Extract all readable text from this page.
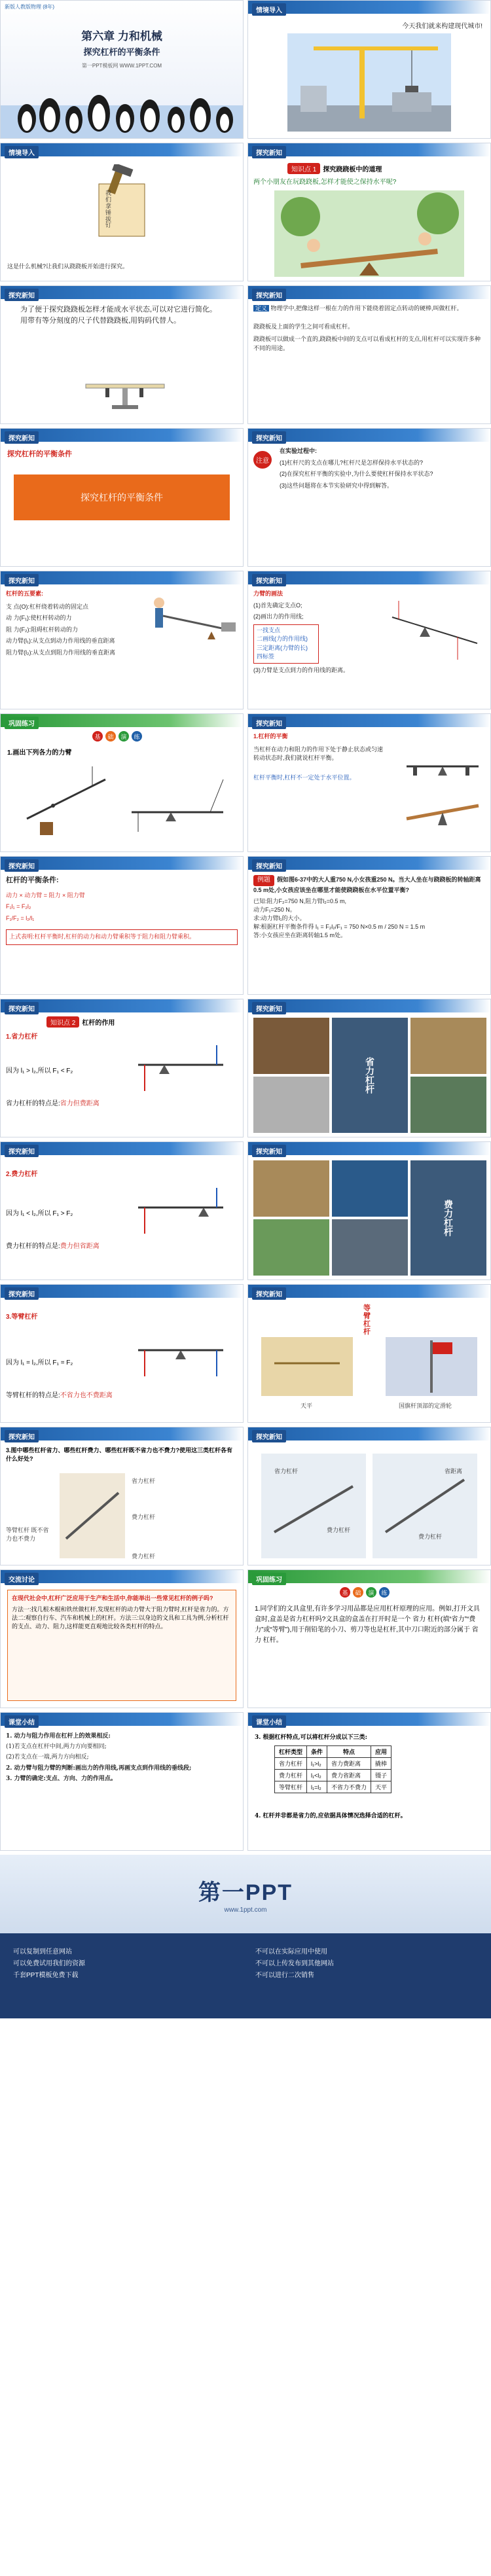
新版人教版物理 (8年)
第六章 力和机械
探究杠杆的平衡条件
第一PPT模板网 WWW.1PPT.COM
情境导入
今天我们就来构建现代城市!
情境导入
我们拿锤拔钉
这是什么机械?让我们从跷跷板开始进行探究。
探究新知
知识点 1 探究跷跷板中的道理
两个小朋友在玩跷跷板,怎样才能使之保持水平呢?
探究新知
为了便于探究跷跷板怎样才能成水平状态,可以对它进行简化。
用带有等分刻度的尺子代替跷跷板,用钩码代替人。
探究新知
定义 物理学中,把像这样一根在力的作用下能绕着固定点转动的硬棒,叫做杠杆。
跷跷板及上面的学生之间可看成杠杆。
跷跷板可以做成一个直的,跷跷板中间的支点可以看成杠杆的支点,用杠杆可以实现许多种不同的用途。
探究新知
探究杠杆的平衡条件
探究杠杆的平衡条件
探究新知
注意
在实验过程中:
(1)杠杆尺的支点在哪儿?杠杆尺是怎样保持水平状态的?
(2)在探究杠杆平衡的实验中,为什么要使杠杆保持水平状态?
(3)这些问题将在本节实验研究中得到解答。
探究新知
杠杆的五要素:
支 点(O):杠杆绕着转动的固定点
动 力(F₁):使杠杆转动的力
阻 力(F₂):阻碍杠杆转动的力
动力臂(l₁):从支点到动力作用线的垂直距离
阻力臂(l₂):从支点到阻力作用线的垂直距离
探究新知
力臂的画法
(1)首先确定支点O;
(2)画出力的作用线;
一找支点
二画线(力的作用线)
三定距离(力臂的长)
四标签
(3)力臂是支点到力的作用线的距离。
巩固练习
基	础	演	练
1.画出下列各力的力臂
探究新知
1.杠杆的平衡
当杠杆在动力和阻力的作用下处于静止状态或匀速转动状态时,我们就说杠杆平衡。
杠杆平衡时,杠杆不一定处于水平位置。
探究新知
杠杆的平衡条件:
动力 × 动力臂 = 阻力 × 阻力臂
F₁l₁ = F₂l₂
F₁/F₂ = l₂/l₁
上式表明:杠杆平衡时,杠杆的动力和动力臂乘积等于阻力和阻力臂乘积。
探究新知
例题 假如图6-37中的大人重750 N,小女孩重250 N。当大人坐在与跷跷板的转轴距离0.5 m处,小女孩应该坐在哪里才能使跷跷板在水平位置平衡?
已知:阻力F₂=750 N,阻力臂l₂=0.5 m,
动力F₁=250 N。
求:动力臂l₁的大小。
解:根据杠杆平衡条件得 l₁ = F₂l₂/F₁ = 750 N×0.5 m / 250 N = 1.5 m
答:小女孩应坐在距离转轴1.5 m处。
探究新知
知识点 2 杠杆的作用
1.省力杠杆
因为 l₁ > l₂,所以 F₁ < F₂
省力杠杆的特点是:省力但费距离
探究新知
省力杠杆
探究新知
2.费力杠杆
因为 l₁ < l₂,所以 F₁ > F₂
费力杠杆的特点是:费力但省距离
探究新知
费力杠杆
探究新知
3.等臂杠杆
因为 l₁ = l₂,所以 F₁ = F₂
等臂杠杆的特点是:不省力也不费距离
探究新知
等臂杠杆
天平	国旗杆顶部的定滑轮
探究新知
3.图中哪些杠杆省力、哪些杠杆费力、哪些杠杆既不省力也不费力?使用这三类杠杆各有什么好处?
省力杠杆
费力杠杆
费力杠杆
等臂杠杆 既不省力也不费力
探究新知
省力杠杆
费力杠杆
费力杠杆
省距离
交流讨论
在现代社会中,杠杆广泛应用于生产和生活中,你能举出一些常见杠杆的例子吗?
方法一:找几根木棍和铁丝做杠杆,发现杠杆的动力臂大于阻力臂时,杠杆是省力的。方法二:观察自行车、汽车和机械上的杠杆。方法三:以身边的文具和工具为例,分析杠杆的支点、动力、阻力,这样能更直观地比较各类杠杆的特点。
巩固练习
基	础	演	练
1.同学们的文具盒里,有许多学习用品都是应用杠杆原理的应用。例如,打开文具盒时,盒盖是省力杠杆吗?文具盒的盒盖在打开时是一个 省力 杠杆(填“省力”“费力”或“等臂”),用于削铅笔的小刀、剪刀等也是杠杆,其中刀口附近的部分属于 省力 杠杆。
课堂小结
1. 动力与阻力作用在杠杆上的效果相反:
(1)若支点在杠杆中间,两力方向要相同;
(2)若支点在一端,两力方向相反;
2. 动力臂与阻力臂的判断:画出力的作用线,再画支点到作用线的垂线段;
3. 力臂的确定:支点、方向、力的作用点。
课堂小结
3. 根据杠杆特点,可以将杠杆分成以下三类:
杠杆类型	条件	特点	应用
省力杠杆	l₁>l₂	省力费距离	撬棒
费力杠杆	l₁<l₂	费力省距离	镊子
等臂杠杆	l₁=l₂	不省力不费力	天平
4. 杠杆并非都是省力的,应依据具体情况选择合适的杠杆。
第一PPT
www.1ppt.com
可以复制到任意网站
可以免费试用我们的资源
千套PPT模板免费下载
不可以在实际应用中使用
不可以上传发布到其他网站
不可以进行二次销售
